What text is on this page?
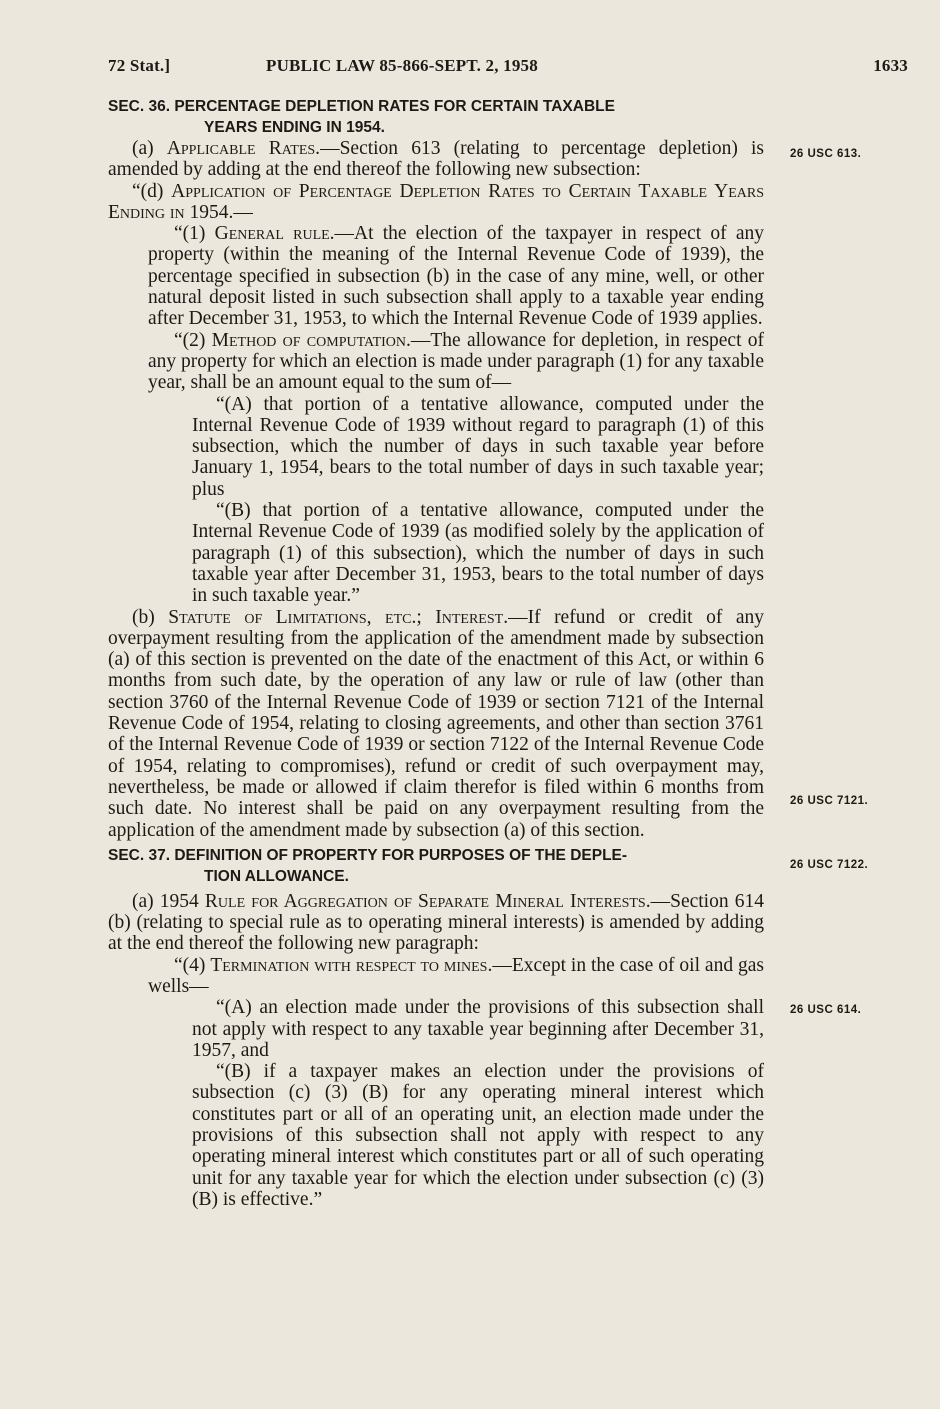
72 Stat.]	PUBLIC LAW 85-866-SEPT. 2, 1958	1633
26 USC 613.
26 USC 7121.
26 USC 7122.
26 USC 614.

SEC. 36. PERCENTAGE DEPLETION RATES FOR CERTAIN TAXABLE
YEARS ENDING IN 1954.

(a) Applicable Rates.—Section 613 (relating to percentage depletion) is amended by adding at the end thereof the following new subsection:

“(d) Application of Percentage Depletion Rates to Certain Taxable Years Ending in 1954.—

“(1) General rule.—At the election of the taxpayer in respect of any property (within the meaning of the Internal Revenue Code of 1939), the percentage specified in subsection (b) in the case of any mine, well, or other natural deposit listed in such subsection shall apply to a taxable year ending after December 31, 1953, to which the Internal Revenue Code of 1939 applies.

“(2) Method of computation.—The allowance for depletion, in respect of any property for which an election is made under paragraph (1) for any taxable year, shall be an amount equal to the sum of—

“(A) that portion of a tentative allowance, computed under the Internal Revenue Code of 1939 without regard to paragraph (1) of this subsection, which the number of days in such taxable year before January 1, 1954, bears to the total number of days in such taxable year; plus

“(B) that portion of a tentative allowance, computed under the Internal Revenue Code of 1939 (as modified solely by the application of paragraph (1) of this subsection), which the number of days in such taxable year after December 31, 1953, bears to the total number of days in such taxable year.”

(b) Statute of Limitations, etc.; Interest.—If refund or credit of any overpayment resulting from the application of the amendment made by subsection (a) of this section is prevented on the date of the enactment of this Act, or within 6 months from such date, by the operation of any law or rule of law (other than section 3760 of the Internal Revenue Code of 1939 or section 7121 of the Internal Revenue Code of 1954, relating to closing agreements, and other than section 3761 of the Internal Revenue Code of 1939 or section 7122 of the Internal Revenue Code of 1954, relating to compromises), refund or credit of such overpayment may, nevertheless, be made or allowed if claim therefor is filed within 6 months from such date. No interest shall be paid on any overpayment resulting from the application of the amendment made by subsection (a) of this section.

SEC. 37. DEFINITION OF PROPERTY FOR PURPOSES OF THE DEPLE-
TION ALLOWANCE.

(a) 1954 Rule for Aggregation of Separate Mineral Interests.—Section 614 (b) (relating to special rule as to operating mineral interests) is amended by adding at the end thereof the following new paragraph:

“(4) Termination with respect to mines.—Except in the case of oil and gas wells—

“(A) an election made under the provisions of this subsection shall not apply with respect to any taxable year beginning after December 31, 1957, and

“(B) if a taxpayer makes an election under the provisions of subsection (c) (3) (B) for any operating mineral interest which constitutes part or all of an operating unit, an election made under the provisions of this subsection shall not apply with respect to any operating mineral interest which constitutes part or all of such operating unit for any taxable year for which the election under subsection (c) (3) (B) is effective.”
